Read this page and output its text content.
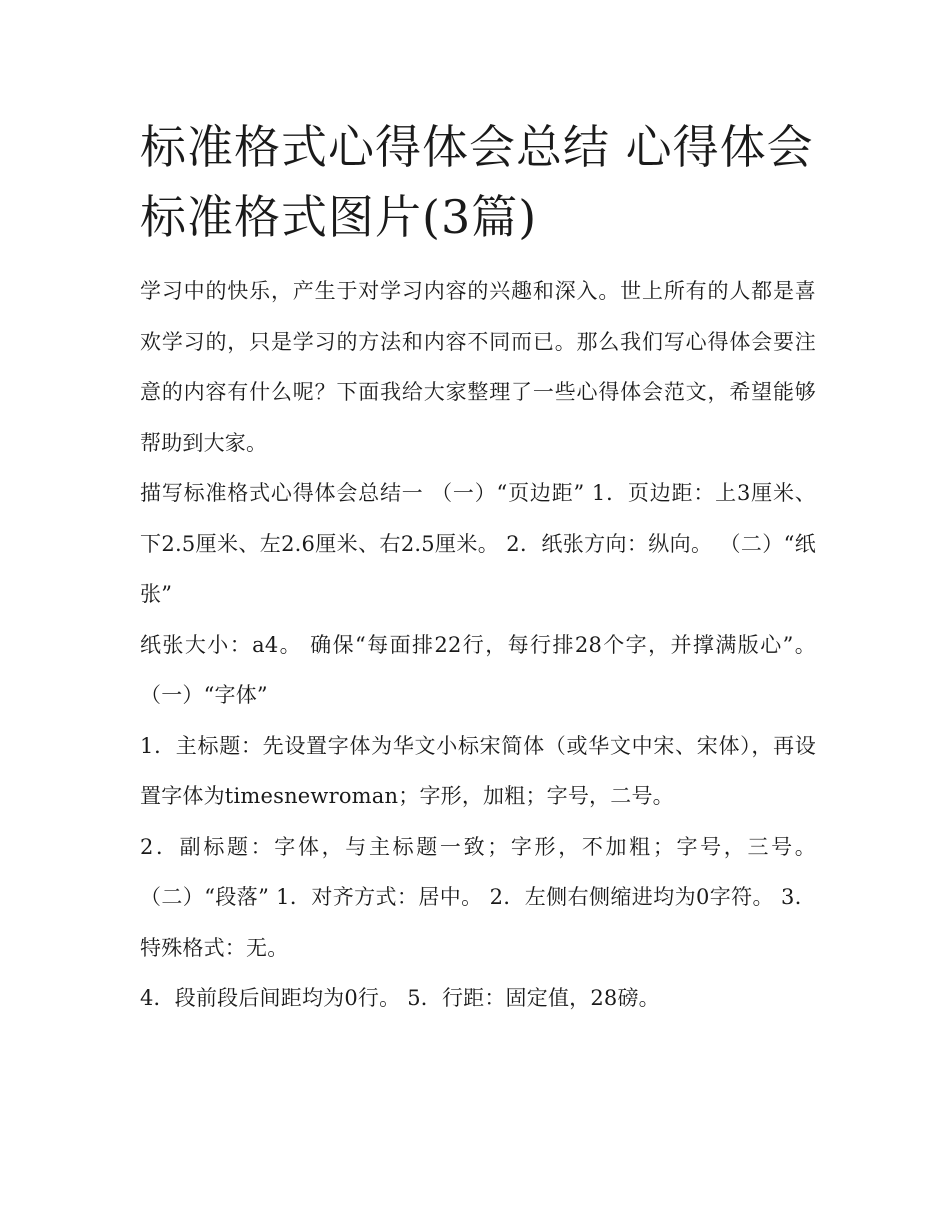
标准格式心得体会总结 心得体会标准格式图片(3篇)

学习中的快乐，产生于对学习内容的兴趣和深入。世上所有的人都是喜欢学习的，只是学习的方法和内容不同而已。那么我们写心得体会要注意的内容有什么呢？下面我给大家整理了一些心得体会范文，希望能够帮助到大家。

描写标准格式心得体会总结一 （一）“页边距” 1．页边距：上3厘米、下2.5厘米、左2.6厘米、右2.5厘米。 2．纸张方向：纵向。 （二）“纸张”

纸张大小：a4。 确保“每面排22行，每行排28个字，并撑满版心”。 （一）“字体”

1．主标题：先设置字体为华文小标宋简体（或华文中宋、宋体），再设置字体为timesnewroman；字形，加粗；字号，二号。

2．副标题：字体，与主标题一致；字形，不加粗；字号，三号。 （二）“段落” 1．对齐方式：居中。 2．左侧右侧缩进均为0字符。 3．特殊格式：无。

4．段前段后间距均为0行。 5．行距：固定值，28磅。
